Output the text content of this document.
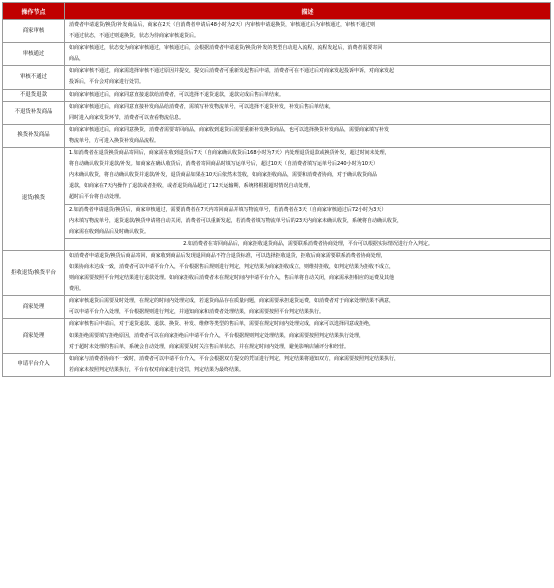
操作节点	描述
商家审核	
消费者申请退货/换货/补发商品后，商家在2天（自消费者申请后48小时为2天）内审核申请退换货，审核通过后为审核通过，审核不通过则
不通过状态，不通过则退换货，状态为待商家审核退货后。

审核通过	
如商家审核通过，状态变为商家审核通过，审核通过后，会根据消费者申请退货/换货/补发的类型自动进入流程，流程发起后，消费者需要寄回
商品，

审核不通过	
如商家审核不通过，商家需选择审核不通过原因并提交，提交后消费者可重新发起售后申请，消费者可在不通过后对商家发起投诉申诉，对商家发起
投诉后，平台会对商家进行处罚。

不退货退款	如商家审核通过后，商家同意直接退款给消费者，可以选择不退货退款，退款完成后售后单结束。

不退货补发商品	
如商家审核通过后，商家同意直接补发商品给消费者，需填写补发物流单号，可以选择不退货补发，补发后售后单结束，
同时进入商家发货环节，消费者可以查看物流信息。

换货补发商品	
如商家审核通过后，商家同意换货，消费者需要寄回商品，商家收到退货后需要重新补发换货商品，也可以选择换货补发商品，需要商家填写补发
物流单号，方可进入换货补发商品流程。

退货/换货	
1.如消费者在退货换货商品寄回后，商家需在收到退货后7天（自商家确认收货后168小时为7天）内处理退货退款或换货补发，超过时间未处理，
将自动确认收货并退款/补发。如商家在确认收货后，消费者寄回商品时填写运单号后，超过10天（自消费者填写运单号后240小时为10天）
内未确认收货，将自动确认收货并退款/补发，退货商品如果在10天后依然未签收，如商家拒收商品，需要和消费者协商，对于确认收货商品
退款，如商家在7天内操作了退款或者拒收，或者退货商品超过了12天运输期，系统将根据超时情况自动处理，
超时后平台将自动处理。

2.如消费者申请退货/换货后，商家审核通过，需要消费者在7天内寄回商品并填写物流单号，若消费者在3天（自商家审核通过后72小时为3天）
内未填写物流单号，退货退款/换货申请将自动关闭，消费者可以重新发起，若消费者填写物流单号后的23天内商家未确认收货，系统将自动确认收货，
商家需在收到商品后及时确认收货。

2.如消费者在寄回商品后，商家拒收退货商品，需要联系消费者协商处理，平台可以根据实际情况进行介入判定。

拒收退货/换货平台	
如消费者申请退货/换货后商品寄回，商家收到商品后发现退回商品不符合退货标准，可以选择拒收退货，拒收后商家需要联系消费者协商处理，
如果协商未达成一致，消费者可以申请平台介入，平台根据售后规则进行判定，判定结果为商家拒收成立，则维持拒收，如判定结果为拒收不成立，
则商家需要按照平台判定结果进行退款处理。如商家拒收后消费者未在规定时间内申请平台介入，售后单将自动关闭，商家需承担相应的运费及其他
费用。

商家处理	
商家审核退货后需要及时处理，在规定的时间内处理完成，若退货商品存在质量问题，商家需要承担退货运费，如消费者对于商家处理结果不满意，
可以申请平台介入处理，平台根据规则进行判定，并通知商家和消费者处理结果，商家需要按照平台判定结果执行。

商家处理	
商家审核售后申请后，对于退货退款、退款、换货、补发、维修等类型的售后单，需要在规定时间内处理完成，商家可以选择同意或拒绝，
如果拒绝需要填写拒绝原因，消费者可以在商家拒绝后申请平台介入，平台根据规则判定处理结果，商家需要按照判定结果执行处理，
对于超时未处理的售后单，系统会自动处理，商家需要及时关注售后单状态，并在规定时间内处理，避免影响店铺评分和经营。

申请平台介入	
如商家与消费者协商不一致时，消费者可以申请平台介入，平台会根据双方提交的凭证进行判定，判定结果将通知双方，商家需要按照判定结果执行，
若商家未按照判定结果执行，平台有权对商家进行处罚，判定结果为最终结果。
